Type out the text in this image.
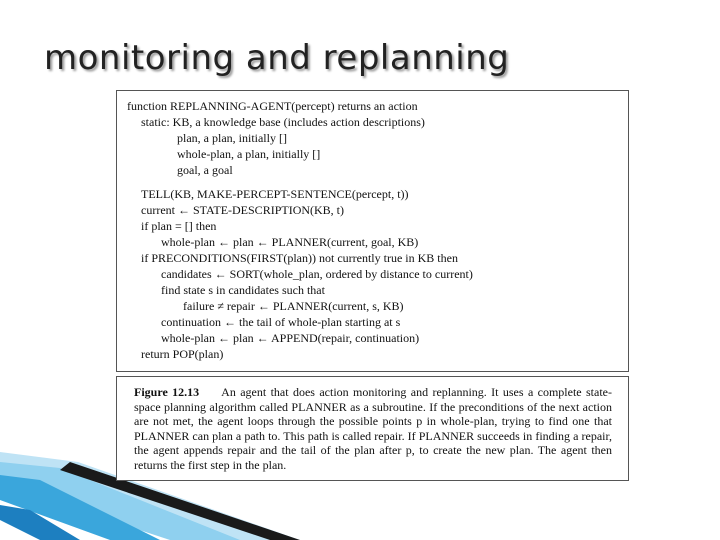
monitoring and replanning
function REPLANNING-AGENT(percept) returns an action
static: KB, a knowledge base (includes action descriptions)
plan, a plan, initially []
whole-plan, a plan, initially []
goal, a goal
TELL(KB, MAKE-PERCEPT-SENTENCE(percept, t))
current ← STATE-DESCRIPTION(KB, t)
if plan = [] then
whole-plan ← plan ← PLANNER(current, goal, KB)
if PRECONDITIONS(FIRST(plan)) not currently true in KB then
candidates ← SORT(whole_plan, ordered by distance to current)
find state s in candidates such that
failure ≠ repair ← PLANNER(current, s, KB)
continuation ← the tail of whole-plan starting at s
whole-plan ← plan ← APPEND(repair, continuation)
return POP(plan)
Figure 12.13 An agent that does action monitoring and replanning. It uses a complete state-space planning algorithm called PLANNER as a subroutine. If the preconditions of the next action are not met, the agent loops through the possible points p in whole-plan, trying to find one that PLANNER can plan a path to. This path is called repair. If PLANNER succeeds in finding a repair, the agent appends repair and the tail of the plan after p, to create the new plan. The agent then returns the first step in the plan.
